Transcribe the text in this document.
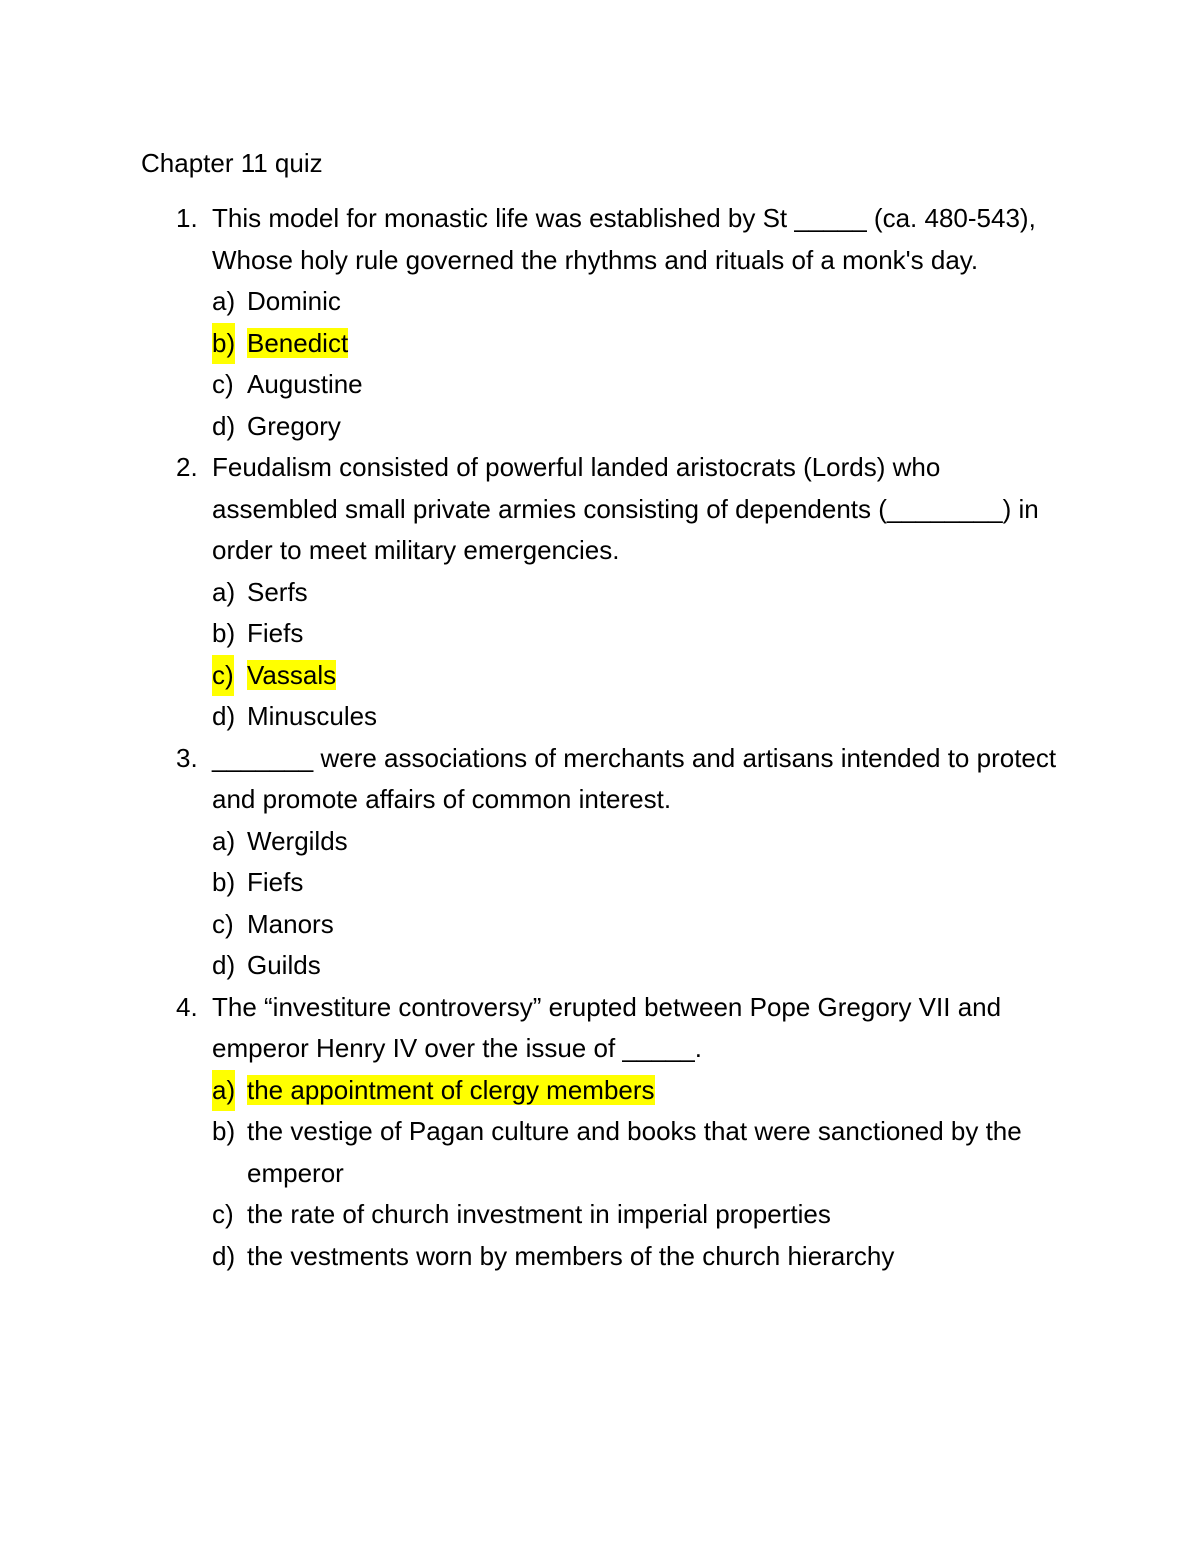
Chapter 11 quiz
1. This model for monastic life was established by St _____ (ca. 480-543), Whose holy rule governed the rhythms and rituals of a monk's day.
a) Dominic
b) Benedict
c) Augustine
d) Gregory
2. Feudalism consisted of powerful landed aristocrats (Lords) who assembled small private armies consisting of dependents (________) in order to meet military emergencies.
a) Serfs
b) Fiefs
c) Vassals
d) Minuscules
3. _______ were associations of merchants and artisans intended to protect and promote affairs of common interest.
a) Wergilds
b) Fiefs
c) Manors
d) Guilds
4. The “investiture controversy” erupted between Pope Gregory VII and emperor Henry IV over the issue of _____.
a) the appointment of clergy members
b) the vestige of Pagan culture and books that were sanctioned by the emperor
c) the rate of church investment in imperial properties
d) the vestments worn by members of the church hierarchy
